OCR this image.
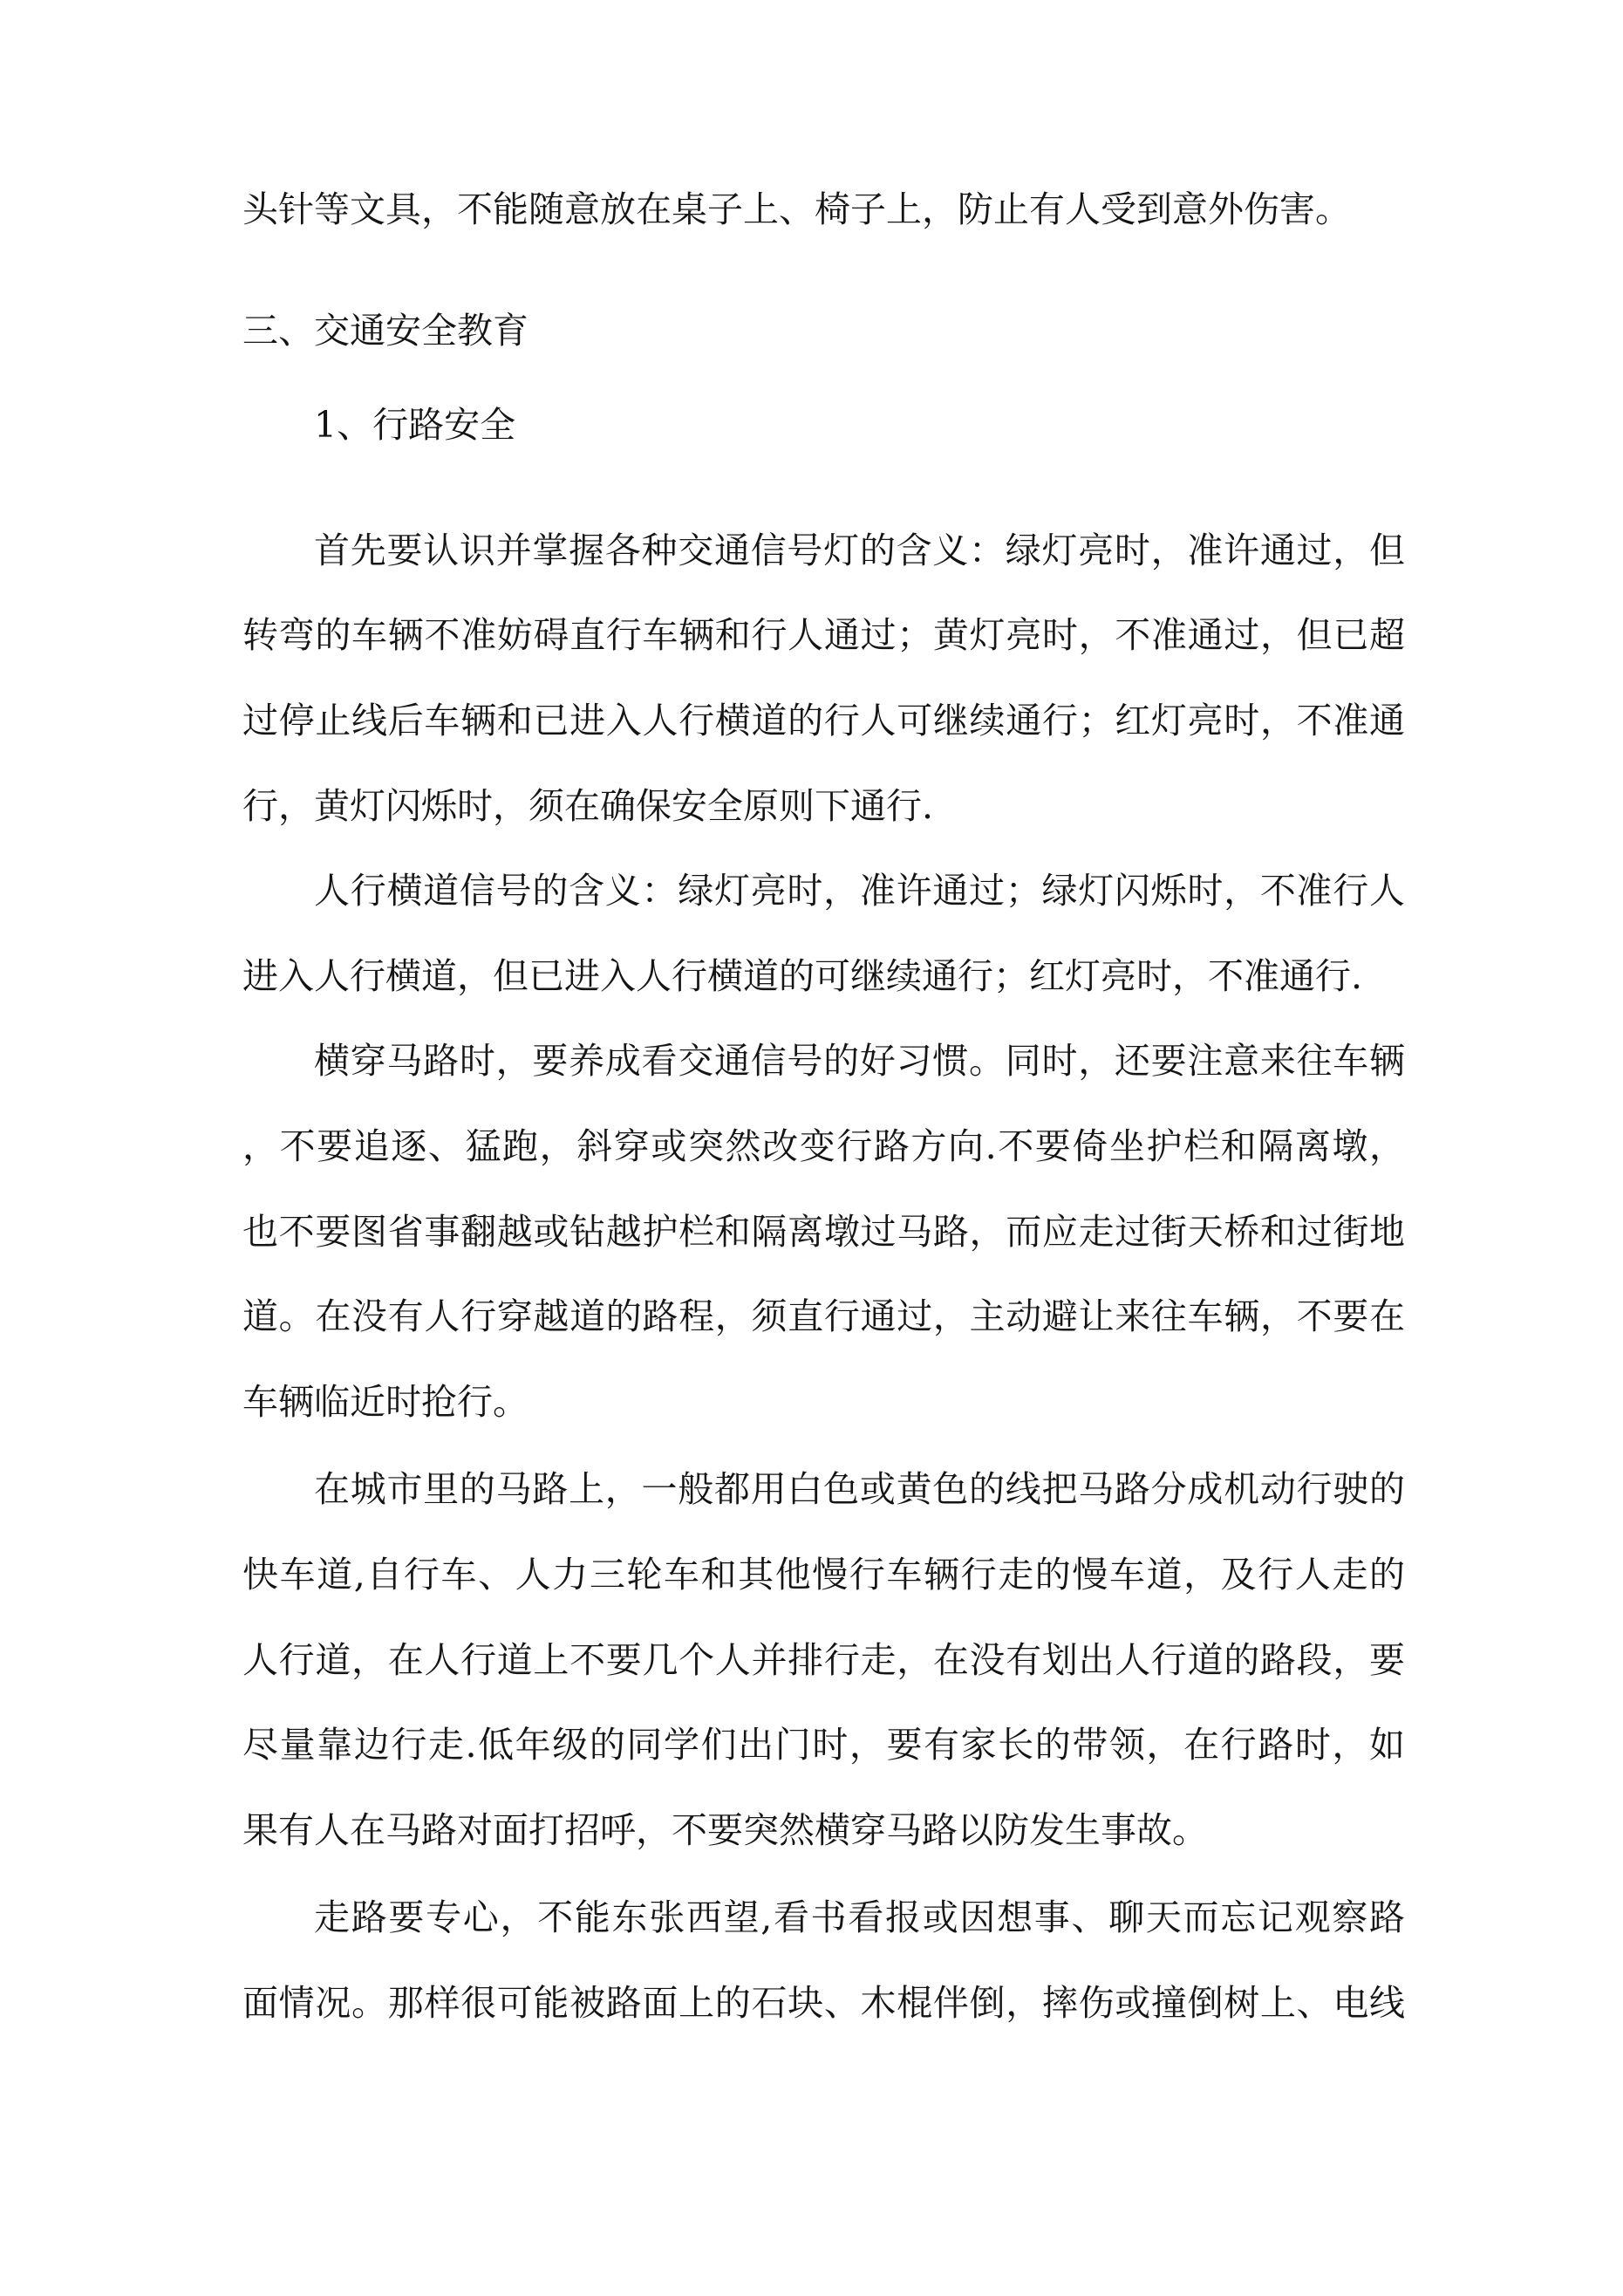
头针等文具，不能随意放在桌子上、椅子上，防止有人受到意外伤害。
三、交通安全教育
1、行路安全
首先要认识并掌握各种交通信号灯的含义：绿灯亮时，准许通过，但
转弯的车辆不准妨碍直行车辆和行人通过；黄灯亮时，不准通过，但已超
过停止线后车辆和已进入人行横道的行人可继续通行；红灯亮时，不准通
行，黄灯闪烁时，须在确保安全原则下通行.
人行横道信号的含义：绿灯亮时，准许通过；绿灯闪烁时，不准行人
进入人行横道，但已进入人行横道的可继续通行；红灯亮时，不准通行.
横穿马路时，要养成看交通信号的好习惯。同时，还要注意来往车辆
，不要追逐、猛跑，斜穿或突然改变行路方向.不要倚坐护栏和隔离墩，
也不要图省事翻越或钻越护栏和隔离墩过马路，而应走过街天桥和过街地
道。在没有人行穿越道的路程，须直行通过，主动避让来往车辆，不要在
车辆临近时抢行。
在城市里的马路上，一般都用白色或黄色的线把马路分成机动行驶的
快车道,自行车、人力三轮车和其他慢行车辆行走的慢车道，及行人走的
人行道，在人行道上不要几个人并排行走，在没有划出人行道的路段，要
尽量靠边行走.低年级的同学们出门时，要有家长的带领，在行路时，如
果有人在马路对面打招呼，不要突然横穿马路以防发生事故。
走路要专心，不能东张西望,看书看报或因想事、聊天而忘记观察路
面情况。那样很可能被路面上的石块、木棍伴倒，摔伤或撞倒树上、电线
